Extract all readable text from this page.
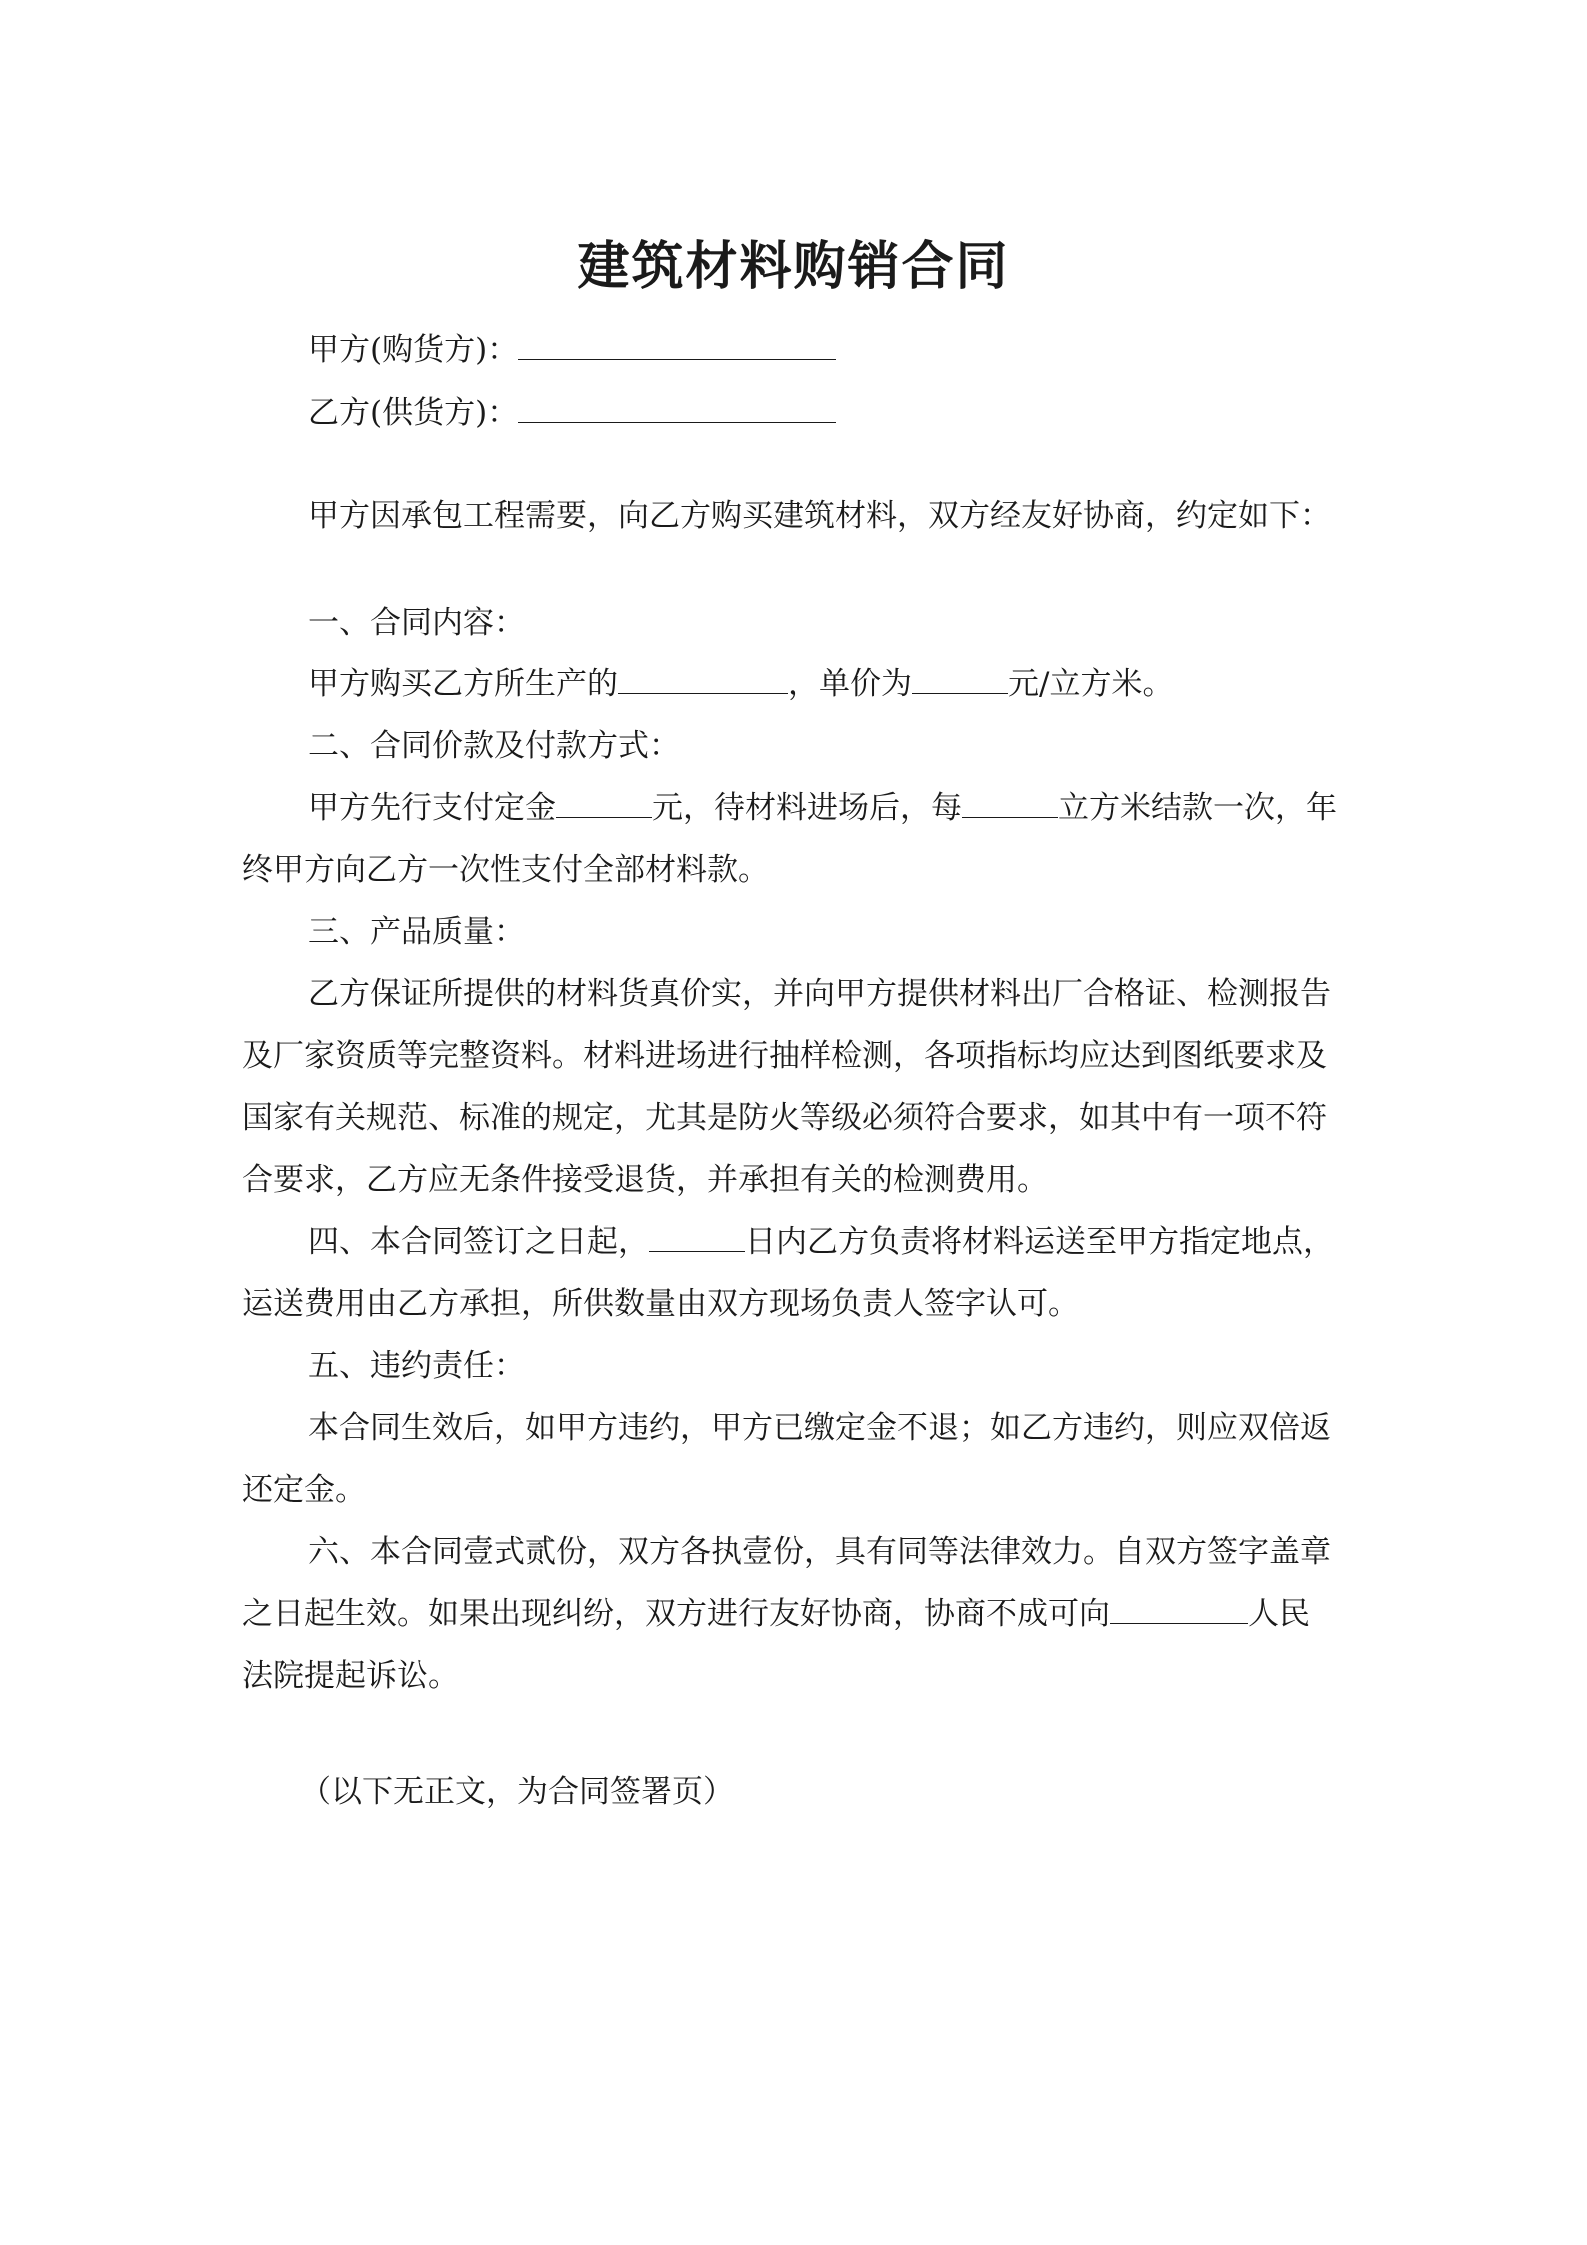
建筑材料购销合同
甲方(购货方)：
乙方(供货方)：
甲方因承包工程需要，向乙方购买建筑材料，双方经友好协商，约定如下：
一、合同内容：
甲方购买乙方所生产的	，单价为	元/立方米。
二、合同价款及付款方式：
甲方先行支付定金	元，待材料进场后，每	立方米结款一次，年
终甲方向乙方一次性支付全部材料款。
三、产品质量：
乙方保证所提供的材料货真价实，并向甲方提供材料出厂合格证、检测报告
及厂家资质等完整资料。材料进场进行抽样检测，各项指标均应达到图纸要求及
国家有关规范、标准的规定，尤其是防火等级必须符合要求，如其中有一项不符
合要求，乙方应无条件接受退货，并承担有关的检测费用。
四、本合同签订之日起，	日内乙方负责将材料运送至甲方指定地点，
运送费用由乙方承担，所供数量由双方现场负责人签字认可。
五、违约责任：
本合同生效后，如甲方违约，甲方已缴定金不退；如乙方违约，则应双倍返
还定金。
六、本合同壹式贰份，双方各执壹份，具有同等法律效力。自双方签字盖章
之日起生效。如果出现纠纷，双方进行友好协商，协商不成可向	人民
法院提起诉讼。
（以下无正文，为合同签署页）
